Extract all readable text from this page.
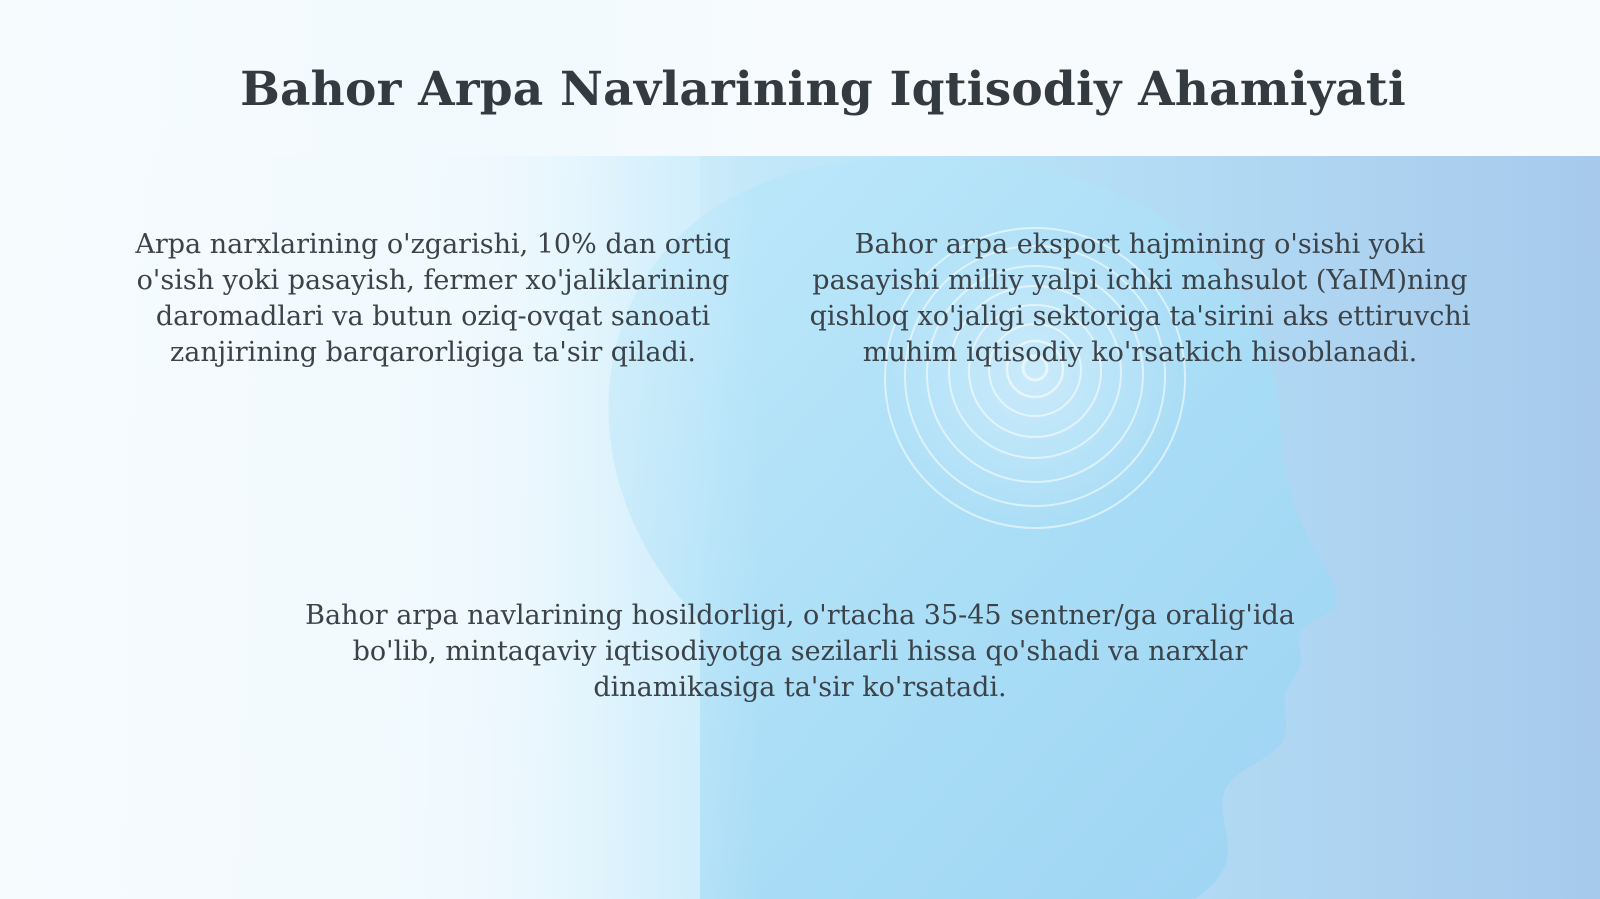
Bahor Arpa Navlarining Iqtisodiy Ahamiyati

Arpa narxlarining o'zgarishi, 10% dan ortiq o'sish yoki pasayish, fermer xo'jaliklarining daromadlari va butun oziq-ovqat sanoati zanjirining barqarorligiga ta'sir qiladi.

Bahor arpa eksport hajmining o'sishi yoki pasayishi milliy yalpi ichki mahsulot (YaIM)ning qishloq xo'jaligi sektoriga ta'sirini aks ettiruvchi muhim iqtisodiy ko'rsatkich hisoblanadi.

Bahor arpa navlarining hosildorligi, o'rtacha 35-45 sentner/ga oralig'ida bo'lib, mintaqaviy iqtisodiyotga sezilarli hissa qo'shadi va narxlar dinamikasiga ta'sir ko'rsatadi.
